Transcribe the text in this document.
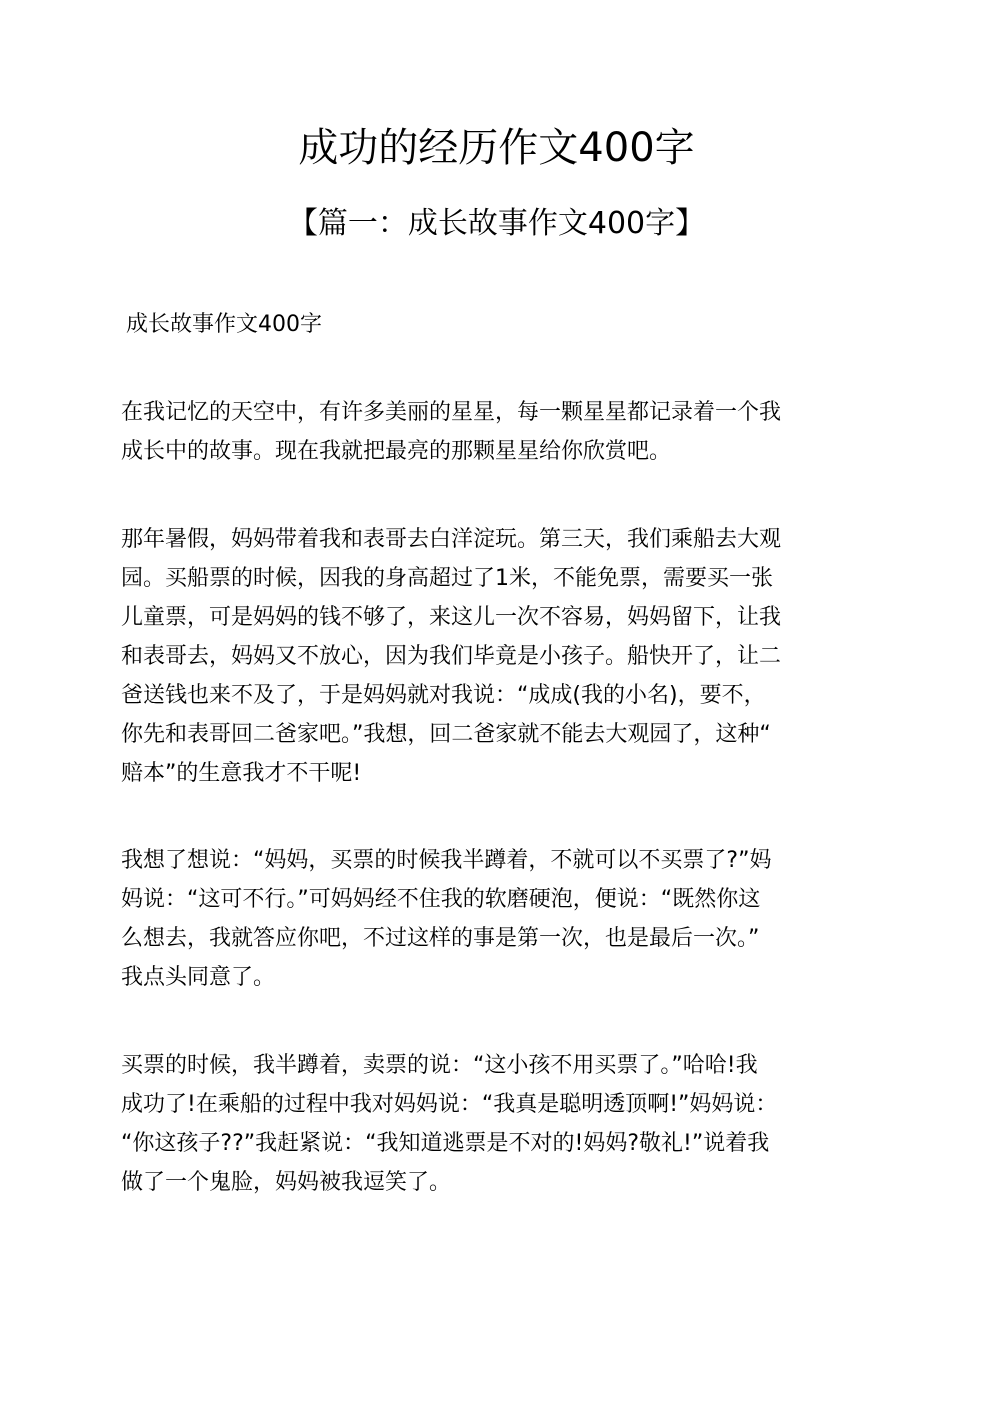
成功的经历作文400字
【篇一：成长故事作文400字】
成长故事作文400字

在我记忆的天空中，有许多美丽的星星，每一颗星星都记录着一个我
成长中的故事。现在我就把最亮的那颗星星给你欣赏吧。

那年暑假，妈妈带着我和表哥去白洋淀玩。第三天，我们乘船去大观
园。买船票的时候，因我的身高超过了1米，不能免票，需要买一张
儿童票，可是妈妈的钱不够了，来这儿一次不容易，妈妈留下，让我
和表哥去，妈妈又不放心，因为我们毕竟是小孩子。船快开了，让二
爸送钱也来不及了，于是妈妈就对我说：“成成(我的小名)，要不，
你先和表哥回二爸家吧。”我想，回二爸家就不能去大观园了，这种“
赔本”的生意我才不干呢!

我想了想说：“妈妈，买票的时候我半蹲着，不就可以不买票了?”妈
妈说：“这可不行。”可妈妈经不住我的软磨硬泡，便说：“既然你这
么想去，我就答应你吧，不过这样的事是第一次，也是最后一次。”
我点头同意了。

买票的时候，我半蹲着，卖票的说：“这小孩不用买票了。”哈哈!我
成功了!在乘船的过程中我对妈妈说：“我真是聪明透顶啊!”妈妈说：
“你这孩子??”我赶紧说：“我知道逃票是不对的!妈妈?敬礼!”说着我
做了一个鬼脸，妈妈被我逗笑了。
